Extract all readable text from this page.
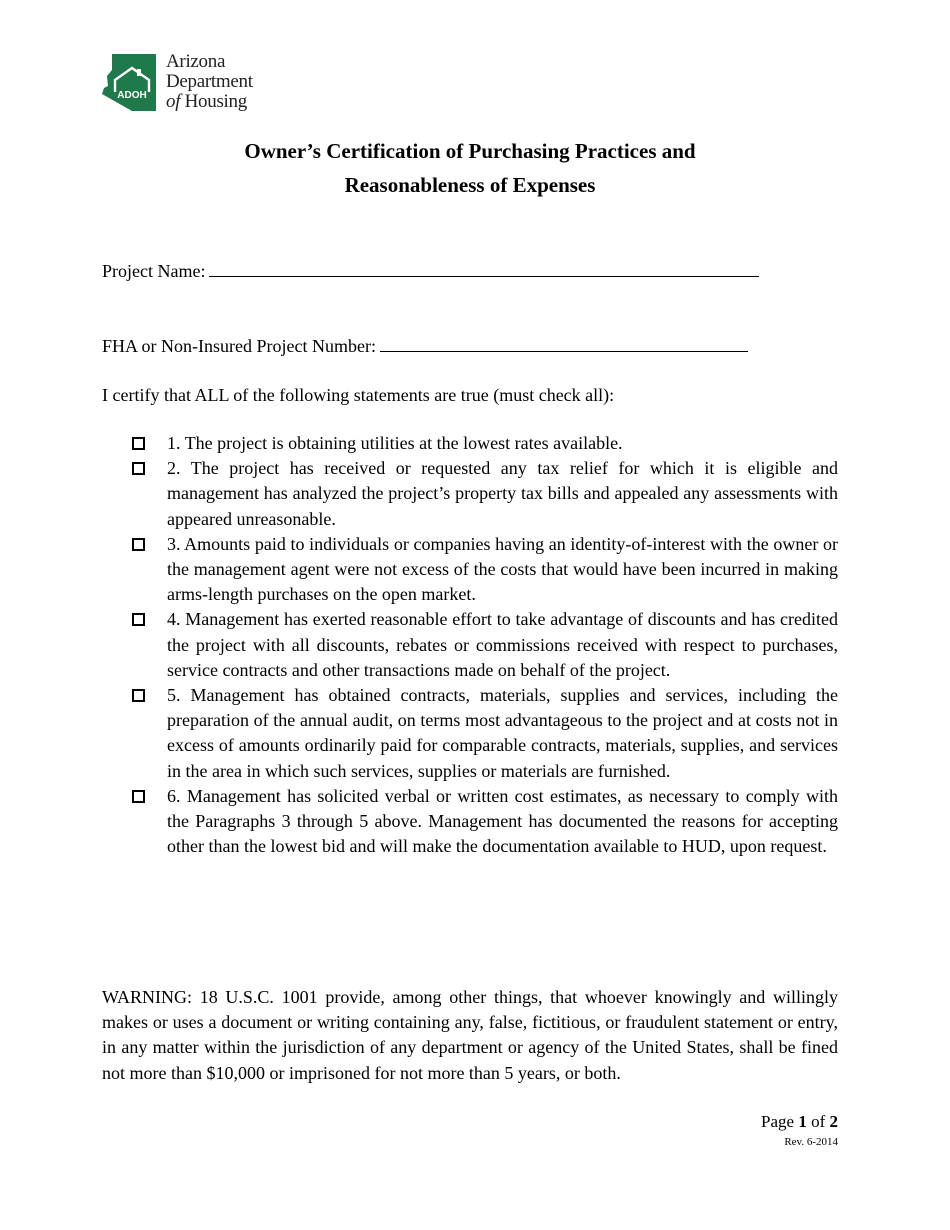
ADOH
Arizona
Department
of Housing
Owner’s Certification of Purchasing Practices and
Reasonableness of Expenses
Project Name:
FHA or Non-Insured Project Number:
I certify that ALL of the following statements are true (must check all):
1. The project is obtaining utilities at the lowest rates available.
2. The project has received or requested any tax relief for which it is eligible and management has analyzed the project’s property tax bills and appealed any assessments with appeared unreasonable.
3. Amounts paid to individuals or companies having an identity-of-interest with the owner or the management agent were not excess of the costs that would have been incurred in making arms-length purchases on the open market.
4. Management has exerted reasonable effort to take advantage of discounts and has credited the project with all discounts, rebates or commissions received with respect to purchases, service contracts and other transactions made on behalf of the project.
5. Management has obtained contracts, materials, supplies and services, including the preparation of the annual audit, on terms most advantageous to the project and at costs not in excess of amounts ordinarily paid for comparable contracts, materials, supplies, and services in the area in which such services, supplies or materials are furnished.
6. Management has solicited verbal or written cost estimates, as necessary to comply with the Paragraphs 3 through 5 above. Management has documented the reasons for accepting other than the lowest bid and will make the documentation available to HUD, upon request.
WARNING: 18 U.S.C. 1001 provide, among other things, that whoever knowingly and willingly makes or uses a document or writing containing any, false, fictitious, or fraudulent statement or entry, in any matter within the jurisdiction of any department or agency of the United States, shall be fined not more than $10,000 or imprisoned for not more than 5 years, or both.
Page 1 of 2
Rev. 6-2014
